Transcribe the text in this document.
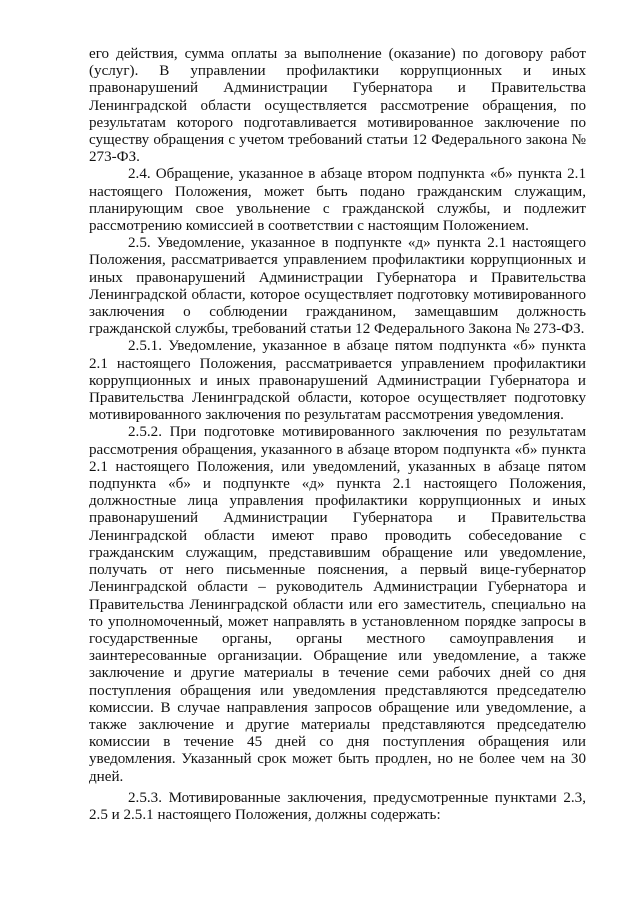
его действия, сумма оплаты за выполнение (оказание) по договору работ (услуг). В управлении профилактики коррупционных и иных правонарушений Администрации Губернатора и Правительства Ленинградской области осуществляется рассмотрение обращения, по результатам которого подготавливается мотивированное заключение по существу обращения с учетом требований статьи 12 Федерального закона № 273-ФЗ.

2.4. Обращение, указанное в абзаце втором подпункта «б» пункта 2.1 настоящего Положения, может быть подано гражданским служащим, планирующим свое увольнение с гражданской службы, и подлежит рассмотрению комиссией в соответствии с настоящим Положением.

2.5. Уведомление, указанное в подпункте «д» пункта 2.1 настоящего Положения, рассматривается управлением профилактики коррупционных и иных правонарушений Администрации Губернатора и Правительства Ленинградской области, которое осуществляет подготовку мотивированного заключения о соблюдении гражданином, замещавшим должность гражданской службы, требований статьи 12 Федерального Закона № 273-ФЗ.

2.5.1. Уведомление, указанное в абзаце пятом подпункта «б» пункта 2.1 настоящего Положения, рассматривается управлением профилактики коррупционных и иных правонарушений Администрации Губернатора и Правительства Ленинградской области, которое осуществляет подготовку мотивированного заключения по результатам рассмотрения уведомления.

2.5.2. При подготовке мотивированного заключения по результатам рассмотрения обращения, указанного в абзаце втором подпункта «б» пункта 2.1 настоящего Положения, или уведомлений, указанных в абзаце пятом подпункта «б» и подпункте «д» пункта 2.1 настоящего Положения, должностные лица управления профилактики коррупционных и иных правонарушений Администрации Губернатора и Правительства Ленинградской области имеют право проводить собеседование с гражданским служащим, представившим обращение или уведомление, получать от него письменные пояснения, а первый вице-губернатор Ленинградской области – руководитель Администрации Губернатора и Правительства Ленинградской области или его заместитель, специально на то уполномоченный, может направлять в установленном порядке запросы в государственные органы, органы местного самоуправления и заинтересованные организации. Обращение или уведомление, а также заключение и другие материалы в течение семи рабочих дней со дня поступления обращения или уведомления представляются председателю комиссии. В случае направления запросов обращение или уведомление, а также заключение и другие материалы представляются председателю комиссии в течение 45 дней со дня поступления обращения или уведомления. Указанный срок может быть продлен, но не более чем на 30 дней.

2.5.3. Мотивированные заключения, предусмотренные пунктами 2.3, 2.5 и 2.5.1 настоящего Положения, должны содержать:
